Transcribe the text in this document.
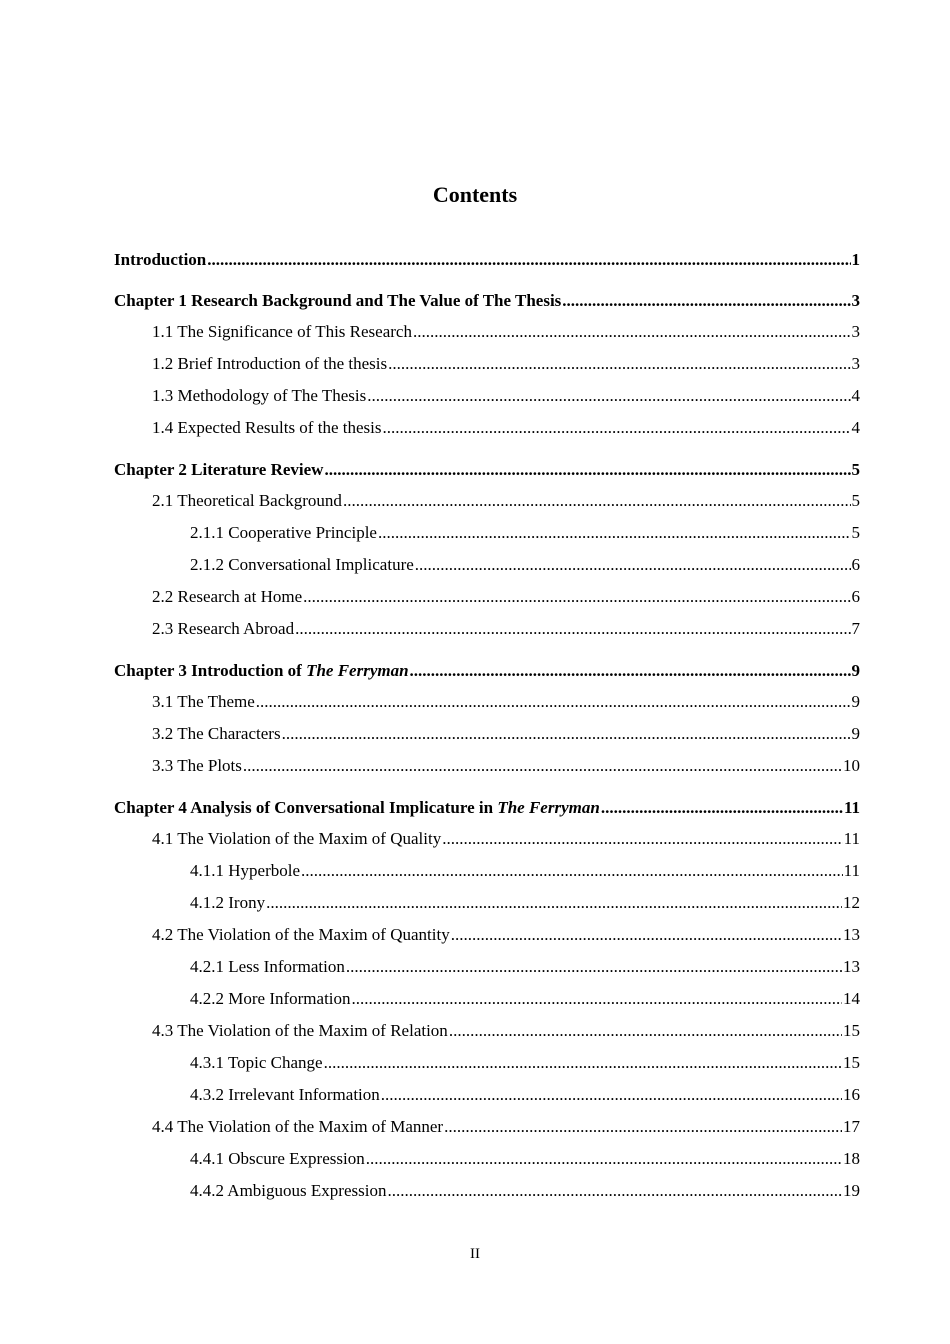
Contents
Introduction .....	1
Chapter 1 Research Background and The Value of The Thesis .....	3
1.1 The Significance of This Research .....	3
1.2 Brief Introduction of the thesis .....	3
1.3 Methodology of The Thesis .....	4
1.4 Expected Results of the thesis .....	4
Chapter 2 Literature Review .....	5
2.1 Theoretical Background .....	5
2.1.1 Cooperative Principle .....	5
2.1.2 Conversational Implicature .....	6
2.2 Research at Home .....	6
2.3 Research Abroad .....	7
Chapter 3 Introduction of The Ferryman .....	9
3.1 The Theme .....	9
3.2 The Characters .....	9
3.3 The Plots .....	10
Chapter 4 Analysis of Conversational Implicature in The Ferryman .....	11
4.1 The Violation of the Maxim of Quality .....	11
4.1.1 Hyperbole .....	11
4.1.2 Irony .....	12
4.2 The Violation of the Maxim of Quantity .....	13
4.2.1 Less Information .....	13
4.2.2 More Information .....	14
4.3 The Violation of the Maxim of Relation .....	15
4.3.1 Topic Change .....	15
4.3.2 Irrelevant Information .....	16
4.4 The Violation of the Maxim of Manner .....	17
4.4.1 Obscure Expression .....	18
4.4.2 Ambiguous Expression .....	19
II
